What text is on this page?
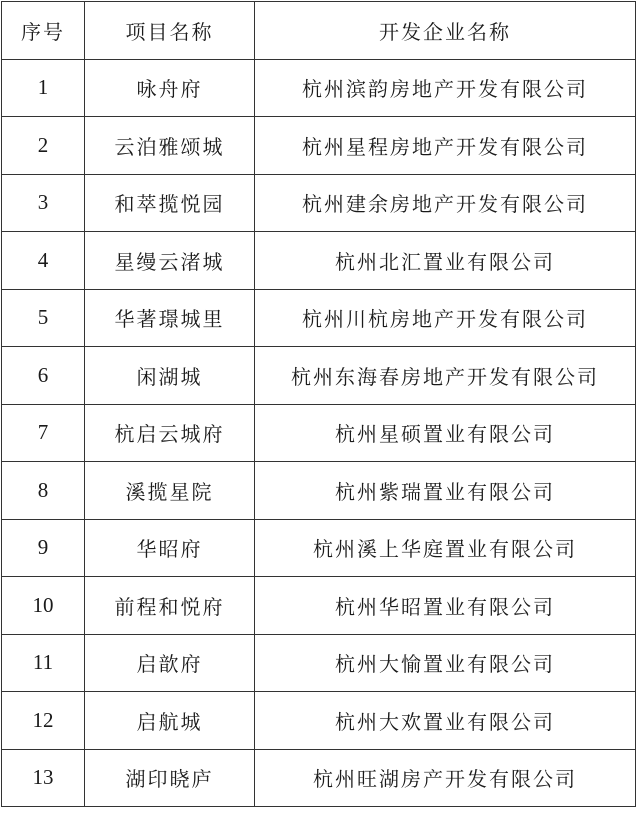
序号	项目名称	开发企业名称
1	咏舟府	杭州滨韵房地产开发有限公司
2	云泊雅颂城	杭州星程房地产开发有限公司
3	和萃揽悦园	杭州建余房地产开发有限公司
4	星缦云渚城	杭州北汇置业有限公司
5	华著璟城里	杭州川杭房地产开发有限公司
6	闲湖城	杭州东海春房地产开发有限公司
7	杭启云城府	杭州星硕置业有限公司
8	溪揽星院	杭州紫瑞置业有限公司
9	华昭府	杭州溪上华庭置业有限公司
10	前程和悦府	杭州华昭置业有限公司
11	启歆府	杭州大愉置业有限公司
12	启航城	杭州大欢置业有限公司
13	湖印晓庐	杭州旺湖房产开发有限公司
